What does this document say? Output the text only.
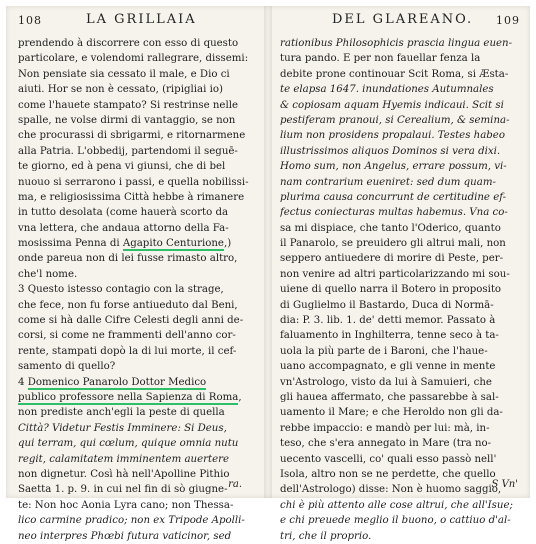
108	LA GRILLAIA
prendendo à discorrere con esso di questo
particolare, e volendomi rallegrare, dissemi:
Non pensiate sia cessato il male, e Dio ci
aiuti. Hor se non è cessato, (ripigliai io)
come l'hauete stampato? Si restrinse nelle
spalle, ne volse dirmi di vantaggio, se non
che procurassi di sbrigarmi, e ritornarmene
alla Patria. L'obbedij, partendomi il seguē-
te giorno, ed à pena vi giunsi, che di bel
nuouo si serrarono i passi, e quella nobilissi-
ma, e religiosissima Città hebbe à rimanere
in tutto desolata (come hauerà scorto da
vna lettera, che andaua attorno della Fa-
mosissima Penna di Agapito Centurione,)
onde pareua non di lei fusse rimasto altro,
che'l nome.
3 Questo istesso contagio con la strage,
che fece, non fu forse antiueduto dal Beni,
come si hà dalle Cifre Celesti degli anni de-
corsi, si come ne frammenti dell'anno cor-
rente, stampati dopò la di lui morte, il cef-
samento di quello?
4 Domenico Panarolo Dottor Medico
publico professore nella Sapienza di Roma,
non prediste anch'egli la peste di quella
Città? Videtur Festis Imminere: Si Deus,
qui terram, qui cœlum, quique omnia nutu
regit, calamitatem imminentem auertere
non dignetur. Così hà nell'Apolline Pithio
Saetta 1. p. 9. in cui nel fin di sò giugne-
te: Non hoc Aonia Lyra cano; non Thessa-
lico carmine pradico; non ex Tripode Apolli-
neo interpres Phœbi futura vaticinor, sed
ra.
DEL GLAREANO. 109
rationibus Philosophicis prascia lingua euen-
tura pando. E per non fauellar fenza la
debite prone continouar Scit Roma, si Æsta-
te elapsa 1647. inundationes Autumnales
& copiosam aquam Hyemis indicaui. Scit si
pestiferam pranoui, si Cerealium, & semina-
lium non prosidens propalaui. Testes habeo
illustrissimos aliquos Dominos si vera dixi.
Homo sum, non Angelus, errare possum, vi-
nam contrarium eueniret: sed dum quam-
plurima causa concurrunt de certitudine ef-
fectus coniecturas multas habemus. Vna co-
sa mi dispiace, che tanto l'Oderico, quanto
il Panarolo, se preuidero gli altrui mali, non
seppero antiuedere di morire di Peste, per-
non venire ad altri particolarizzando mi sou-
uiene di quello narra il Botero in proposito
di Guglielmo il Bastardo, Duca di Normā-
dia: P. 3. lib. 1. de' detti memor. Passato à
faluamento in Inghilterra, tenne seco à ta-
uola la più parte de i Baroni, che l'haue-
uano accompagnato, e gli venne in mente
vn'Astrologo, visto da lui à Samuieri, che
gli hauea affermato, che passarebbe à sal-
uamento il Mare; e che Heroldo non gli da-
rebbe impaccio: e mandò per lui: mà, in-
teso, che s'era annegato in Mare (tra no-
uecento vascelli, co' quali esso passò nell'
Isola, altro non se ne perdette, che quello
dell'Astrologo) disse: Non è huomo saggio,
chi è più attento alle cose altrui, che all'Isue;
e chi preuede meglio il buono, o cattiuo d'al-
tri, che il proprio.
S Vn'
